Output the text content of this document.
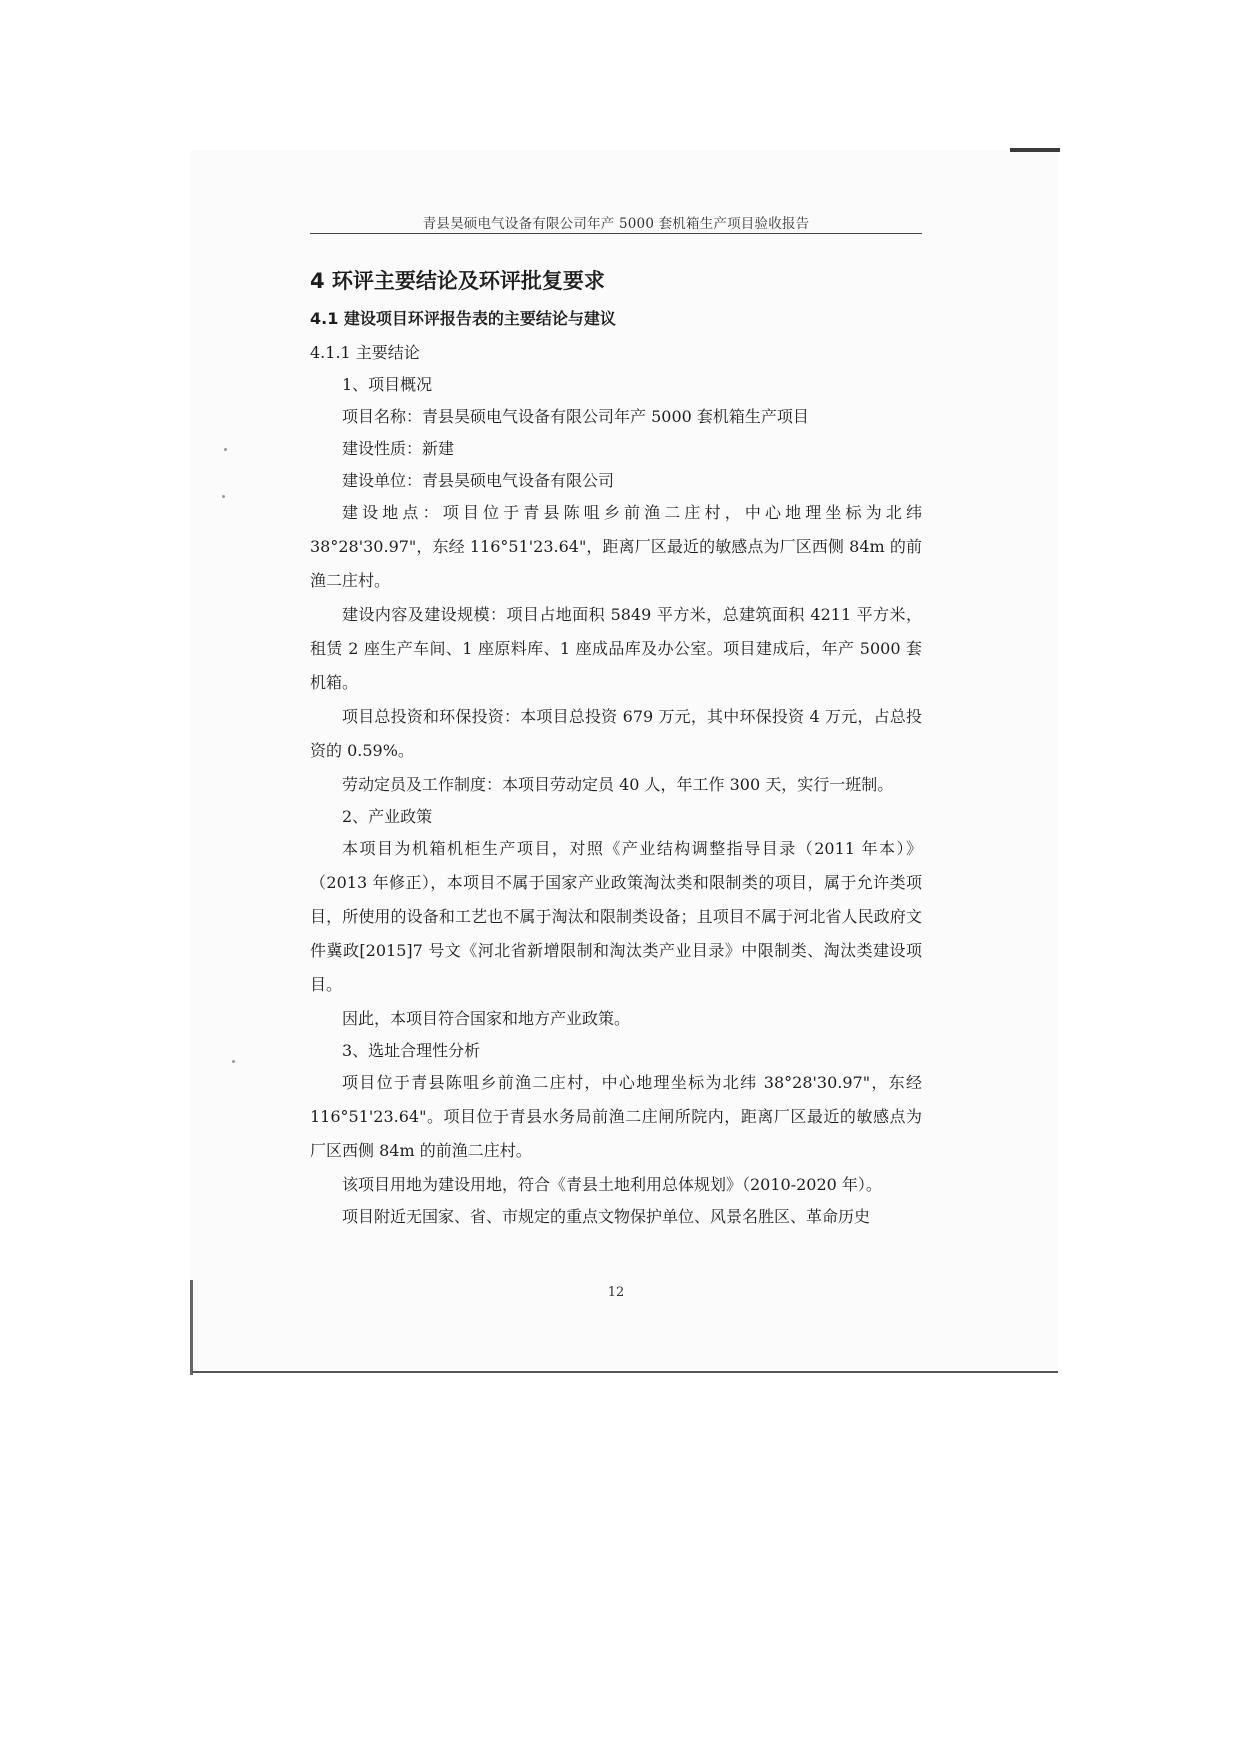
青县昊硕电气设备有限公司年产 5000 套机箱生产项目验收报告

4 环评主要结论及环评批复要求

4.1 建设项目环评报告表的主要结论与建议

4.1.1 主要结论

1、项目概况

项目名称：青县昊硕电气设备有限公司年产 5000 套机箱生产项目

建设性质：新建

建设单位：青县昊硕电气设备有限公司

建设地点：项目位于青县陈咀乡前渔二庄村，中心地理坐标为北纬 38°28'30.97"，东经 116°51'23.64"，距离厂区最近的敏感点为厂区西侧 84m 的前渔二庄村。

建设内容及建设规模：项目占地面积 5849 平方米，总建筑面积 4211 平方米，租赁 2 座生产车间、1 座原料库、1 座成品库及办公室。项目建成后，年产 5000 套机箱。

项目总投资和环保投资：本项目总投资 679 万元，其中环保投资 4 万元，占总投资的 0.59%。

劳动定员及工作制度：本项目劳动定员 40 人，年工作 300 天，实行一班制。

2、产业政策

本项目为机箱机柜生产项目，对照《产业结构调整指导目录（2011 年本）》（2013 年修正），本项目不属于国家产业政策淘汰类和限制类的项目，属于允许类项目，所使用的设备和工艺也不属于淘汰和限制类设备；且项目不属于河北省人民政府文件冀政[2015]7 号文《河北省新增限制和淘汰类产业目录》中限制类、淘汰类建设项目。

因此，本项目符合国家和地方产业政策。

3、选址合理性分析

项目位于青县陈咀乡前渔二庄村，中心地理坐标为北纬 38°28'30.97"，东经 116°51'23.64"。项目位于青县水务局前渔二庄闸所院内，距离厂区最近的敏感点为厂区西侧 84m 的前渔二庄村。

该项目用地为建设用地，符合《青县土地利用总体规划》（2010-2020 年）。

项目附近无国家、省、市规定的重点文物保护单位、风景名胜区、革命历史

12
